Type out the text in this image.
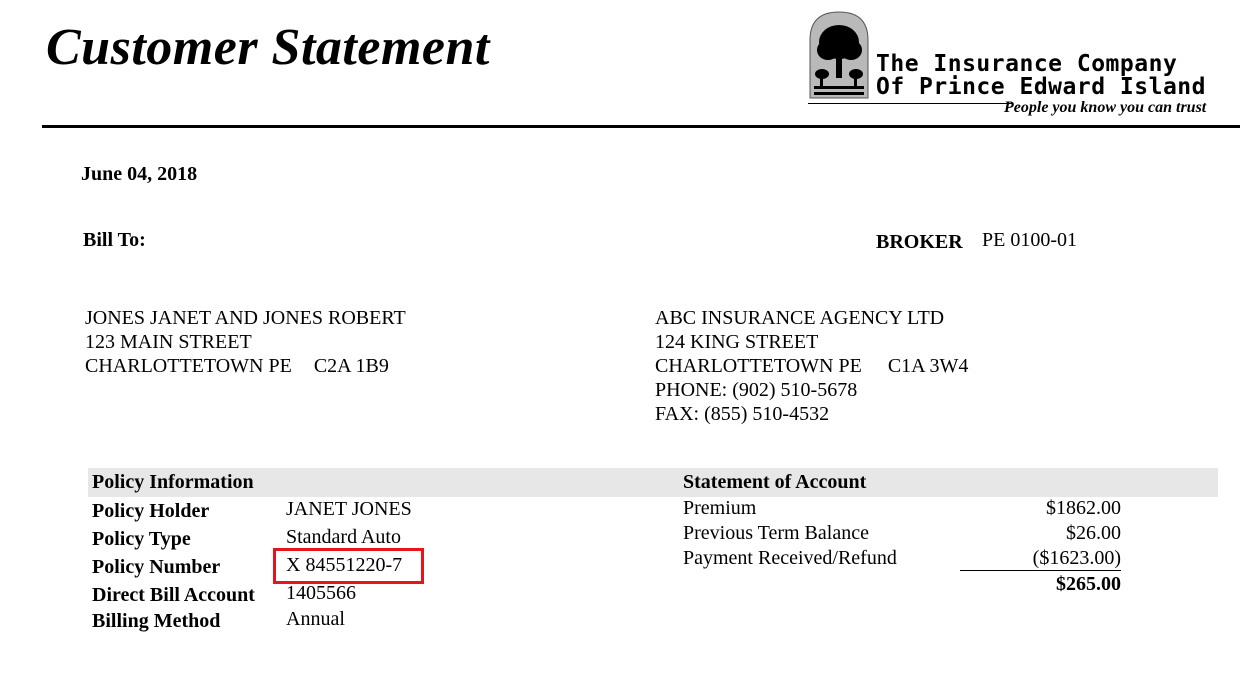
Customer Statement	The Insurance Company
Of Prince Edward Island
People you know you can trust
June 04, 2018
Bill To:	BROKER PE 0100-01
JONES JANET AND JONES ROBERT
123 MAIN STREET
CHARLOTTETOWN PE C2A 1B9
ABC INSURANCE AGENCY LTD
124 KING STREET
CHARLOTTETOWN PE C1A 3W4
PHONE: (902) 510-5678
FAX: (855) 510-4532
Policy Information	Statement of Account
Policy Holder	JANET JONES
Policy Type	Standard Auto
Policy Number	X 84551220-7
Direct Bill Account 1405566
Billing Method	Annual
Premium	$1862.00
Previous Term Balance	$26.00
Payment Received/Refund	($1623.00)
$265.00
